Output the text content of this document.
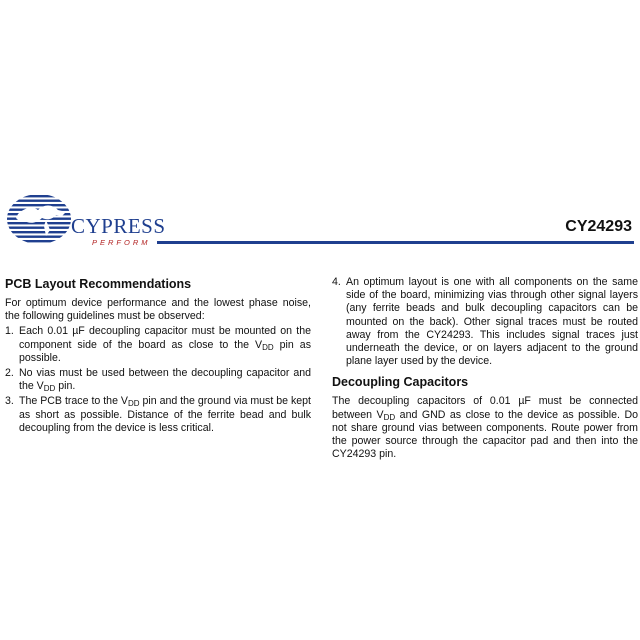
CYPRESS
PERFORM
CY24293
PCB Layout Recommendations

For optimum device performance and the lowest phase noise, the following guidelines must be observed:

1. Each 0.01 µF decoupling capacitor must be mounted on the component side of the board as close to the $V_{DD}$ pin as possible.
2. No vias must be used between the decoupling capacitor and the $V_{DD}$ pin.
3. The PCB trace to the $V_{DD}$ pin and the ground via must be kept as short as possible. Distance of the ferrite bead and bulk decoupling from the device is less critical.
4. An optimum layout is one with all components on the same side of the board, minimizing vias through other signal layers (any ferrite beads and bulk decoupling capacitors can be mounted on the back). Other signal traces must be routed away from the CY24293. This includes signal traces just underneath the device, or on layers adjacent to the ground plane layer used by the device.
Decoupling Capacitors

The decoupling capacitors of 0.01 µF must be connected between $V_{DD}$ and GND as close to the device as possible. Do not share ground vias between components. Route power from the power source through the capacitor pad and then into the CY24293 pin.
